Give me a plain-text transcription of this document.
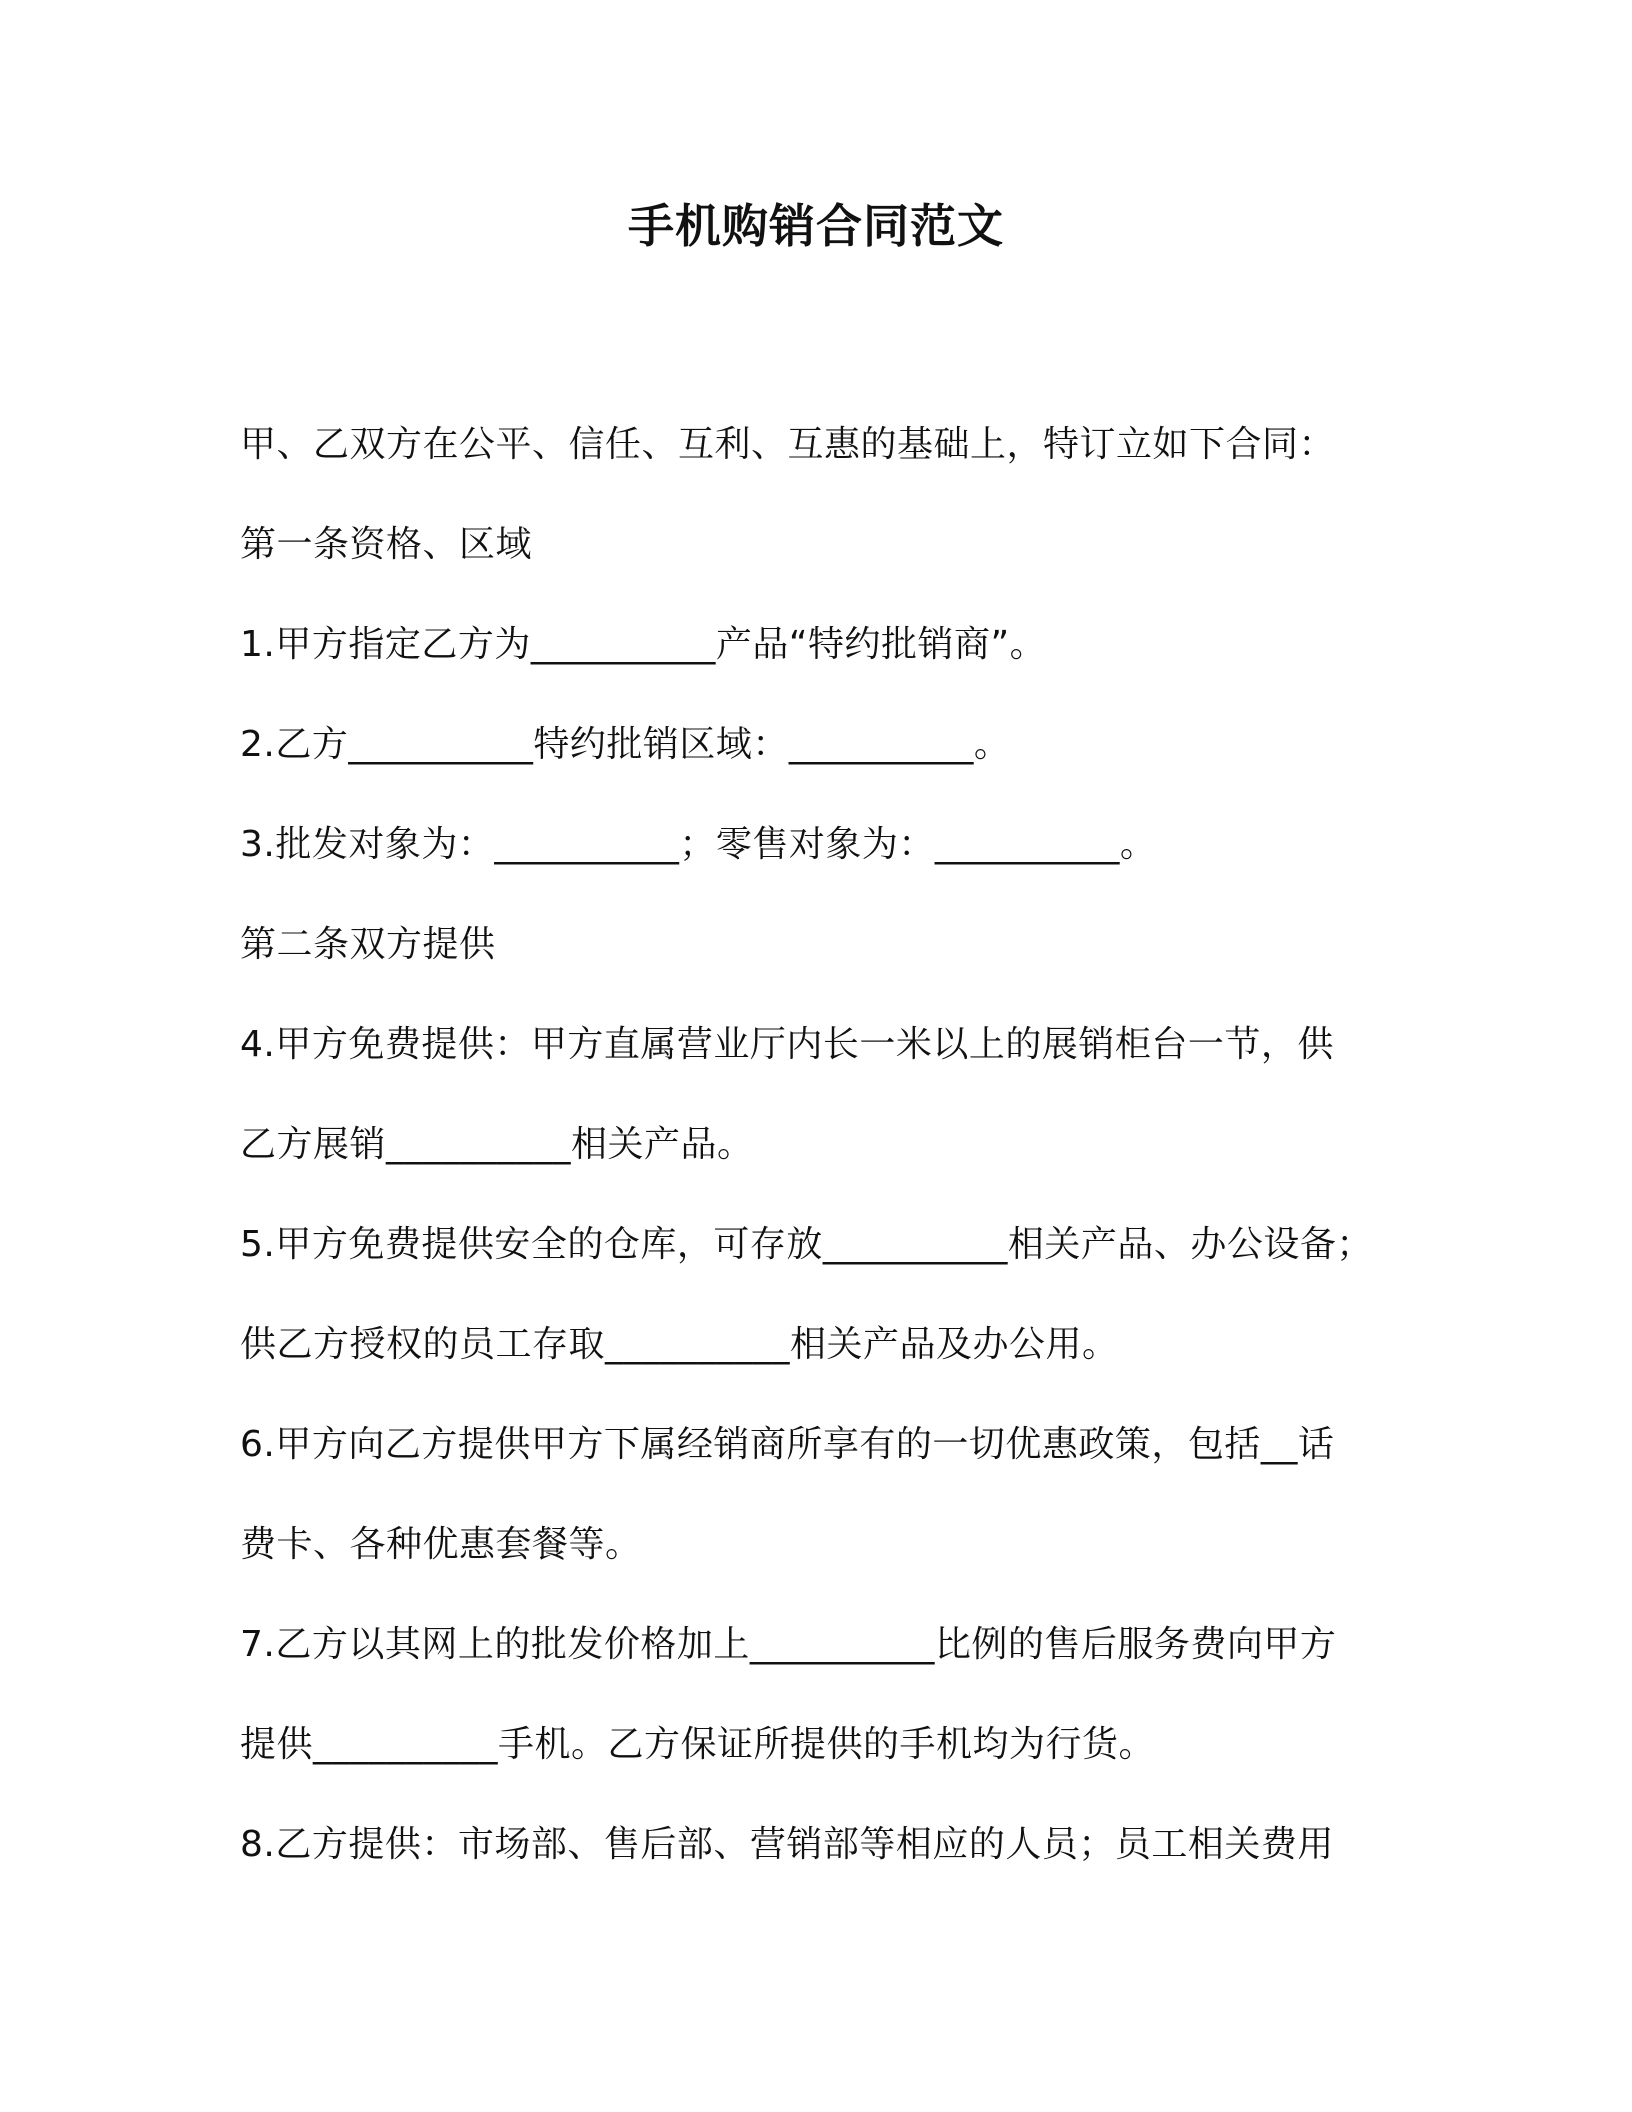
手机购销合同范文
甲、乙双方在公平、信任、互利、互惠的基础上，特订立如下合同：
第一条资格、区域
1.甲方指定乙方为__________产品“特约批销商”。
2.乙方__________特约批销区域：__________。
3.批发对象为：__________；零售对象为：__________。
第二条双方提供
4.甲方免费提供：甲方直属营业厅内长一米以上的展销柜台一节，供
乙方展销__________相关产品。
5.甲方免费提供安全的仓库，可存放__________相关产品、办公设备；
供乙方授权的员工存取__________相关产品及办公用。
6.甲方向乙方提供甲方下属经销商所享有的一切优惠政策，包括__话
费卡、各种优惠套餐等。
7.乙方以其网上的批发价格加上__________比例的售后服务费向甲方
提供__________手机。乙方保证所提供的手机均为行货。
8.乙方提供：市场部、售后部、营销部等相应的人员；员工相关费用
